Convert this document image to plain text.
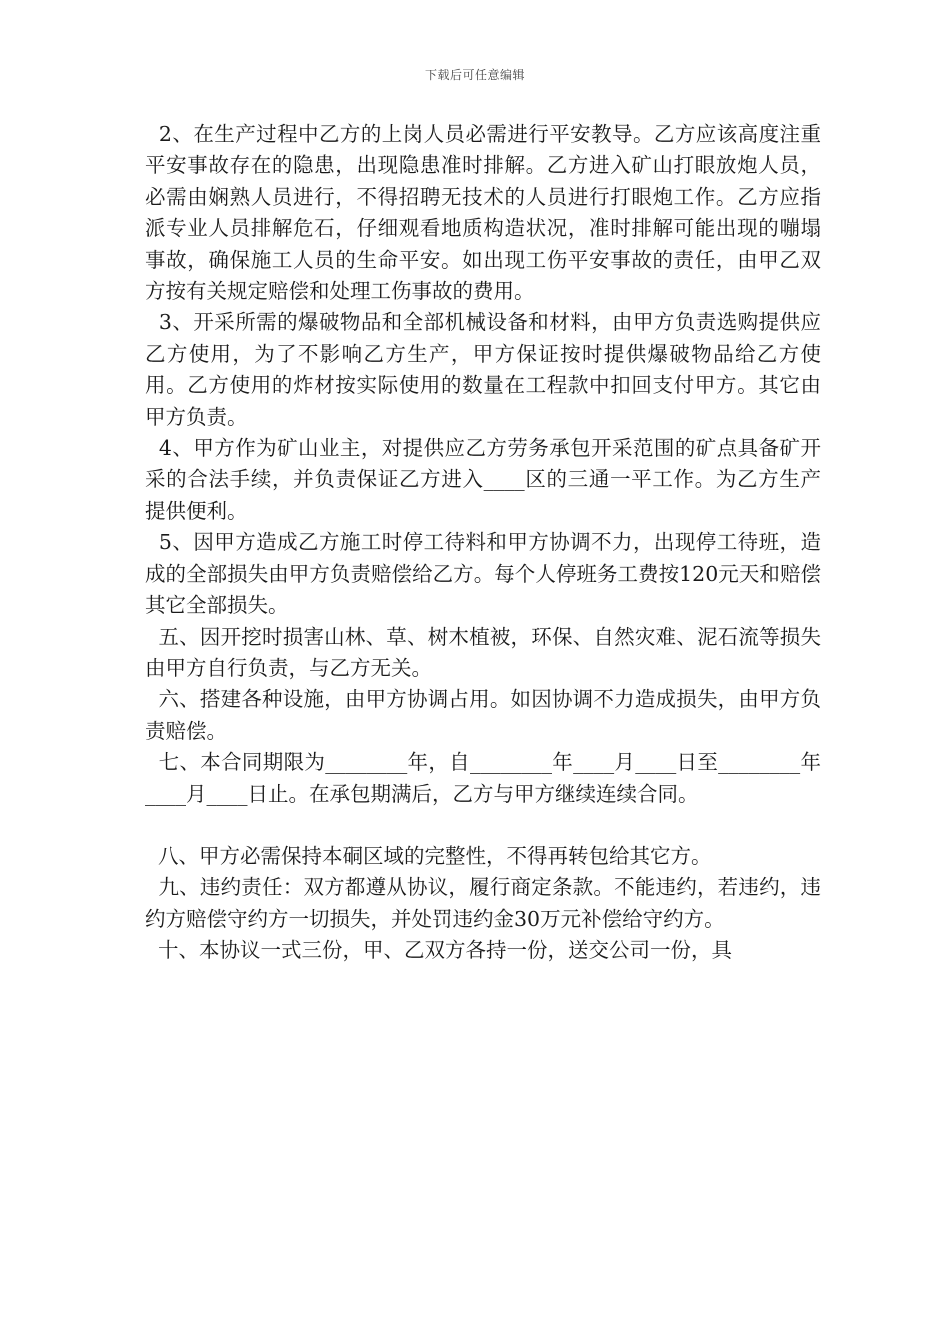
下载后可任意编辑

2、在生产过程中乙方的上岗人员必需进行平安教导。乙方应该高度注重平安事故存在的隐患，出现隐患准时排解。乙方进入矿山打眼放炮人员，必需由娴熟人员进行，不得招聘无技术的人员进行打眼炮工作。乙方应指派专业人员排解危石，仔细观看地质构造状况，准时排解可能出现的嘣塌事故，确保施工人员的生命平安。如出现工伤平安事故的责任，由甲乙双方按有关规定赔偿和处理工伤事故的费用。

3、开采所需的爆破物品和全部机械设备和材料，由甲方负责选购提供应乙方使用，为了不影响乙方生产，甲方保证按时提供爆破物品给乙方使用。乙方使用的炸材按实际使用的数量在工程款中扣回支付甲方。其它由甲方负责。

4、甲方作为矿山业主，对提供应乙方劳务承包开采范围的矿点具备矿开采的合法手续，并负责保证乙方进入____区的三通一平工作。为乙方生产提供便利。

5、因甲方造成乙方施工时停工待料和甲方协调不力，出现停工待班，造成的全部损失由甲方负责赔偿给乙方。每个人停班务工费按120元天和赔偿其它全部损失。

五、因开挖时损害山林、草、树木植被，环保、自然灾难、泥石流等损失由甲方自行负责，与乙方无关。

六、搭建各种设施，由甲方协调占用。如因协调不力造成损失，由甲方负责赔偿。

七、本合同期限为________年，自________年____月____日至________年____月____日止。在承包期满后，乙方与甲方继续连续合同。

八、甲方必需保持本硐区域的完整性，不得再转包给其它方。

九、违约责任：双方都遵从协议，履行商定条款。不能违约，若违约，违约方赔偿守约方一切损失，并处罚违约金30万元补偿给守约方。

十、本协议一式三份，甲、乙双方各持一份，送交公司一份，具
